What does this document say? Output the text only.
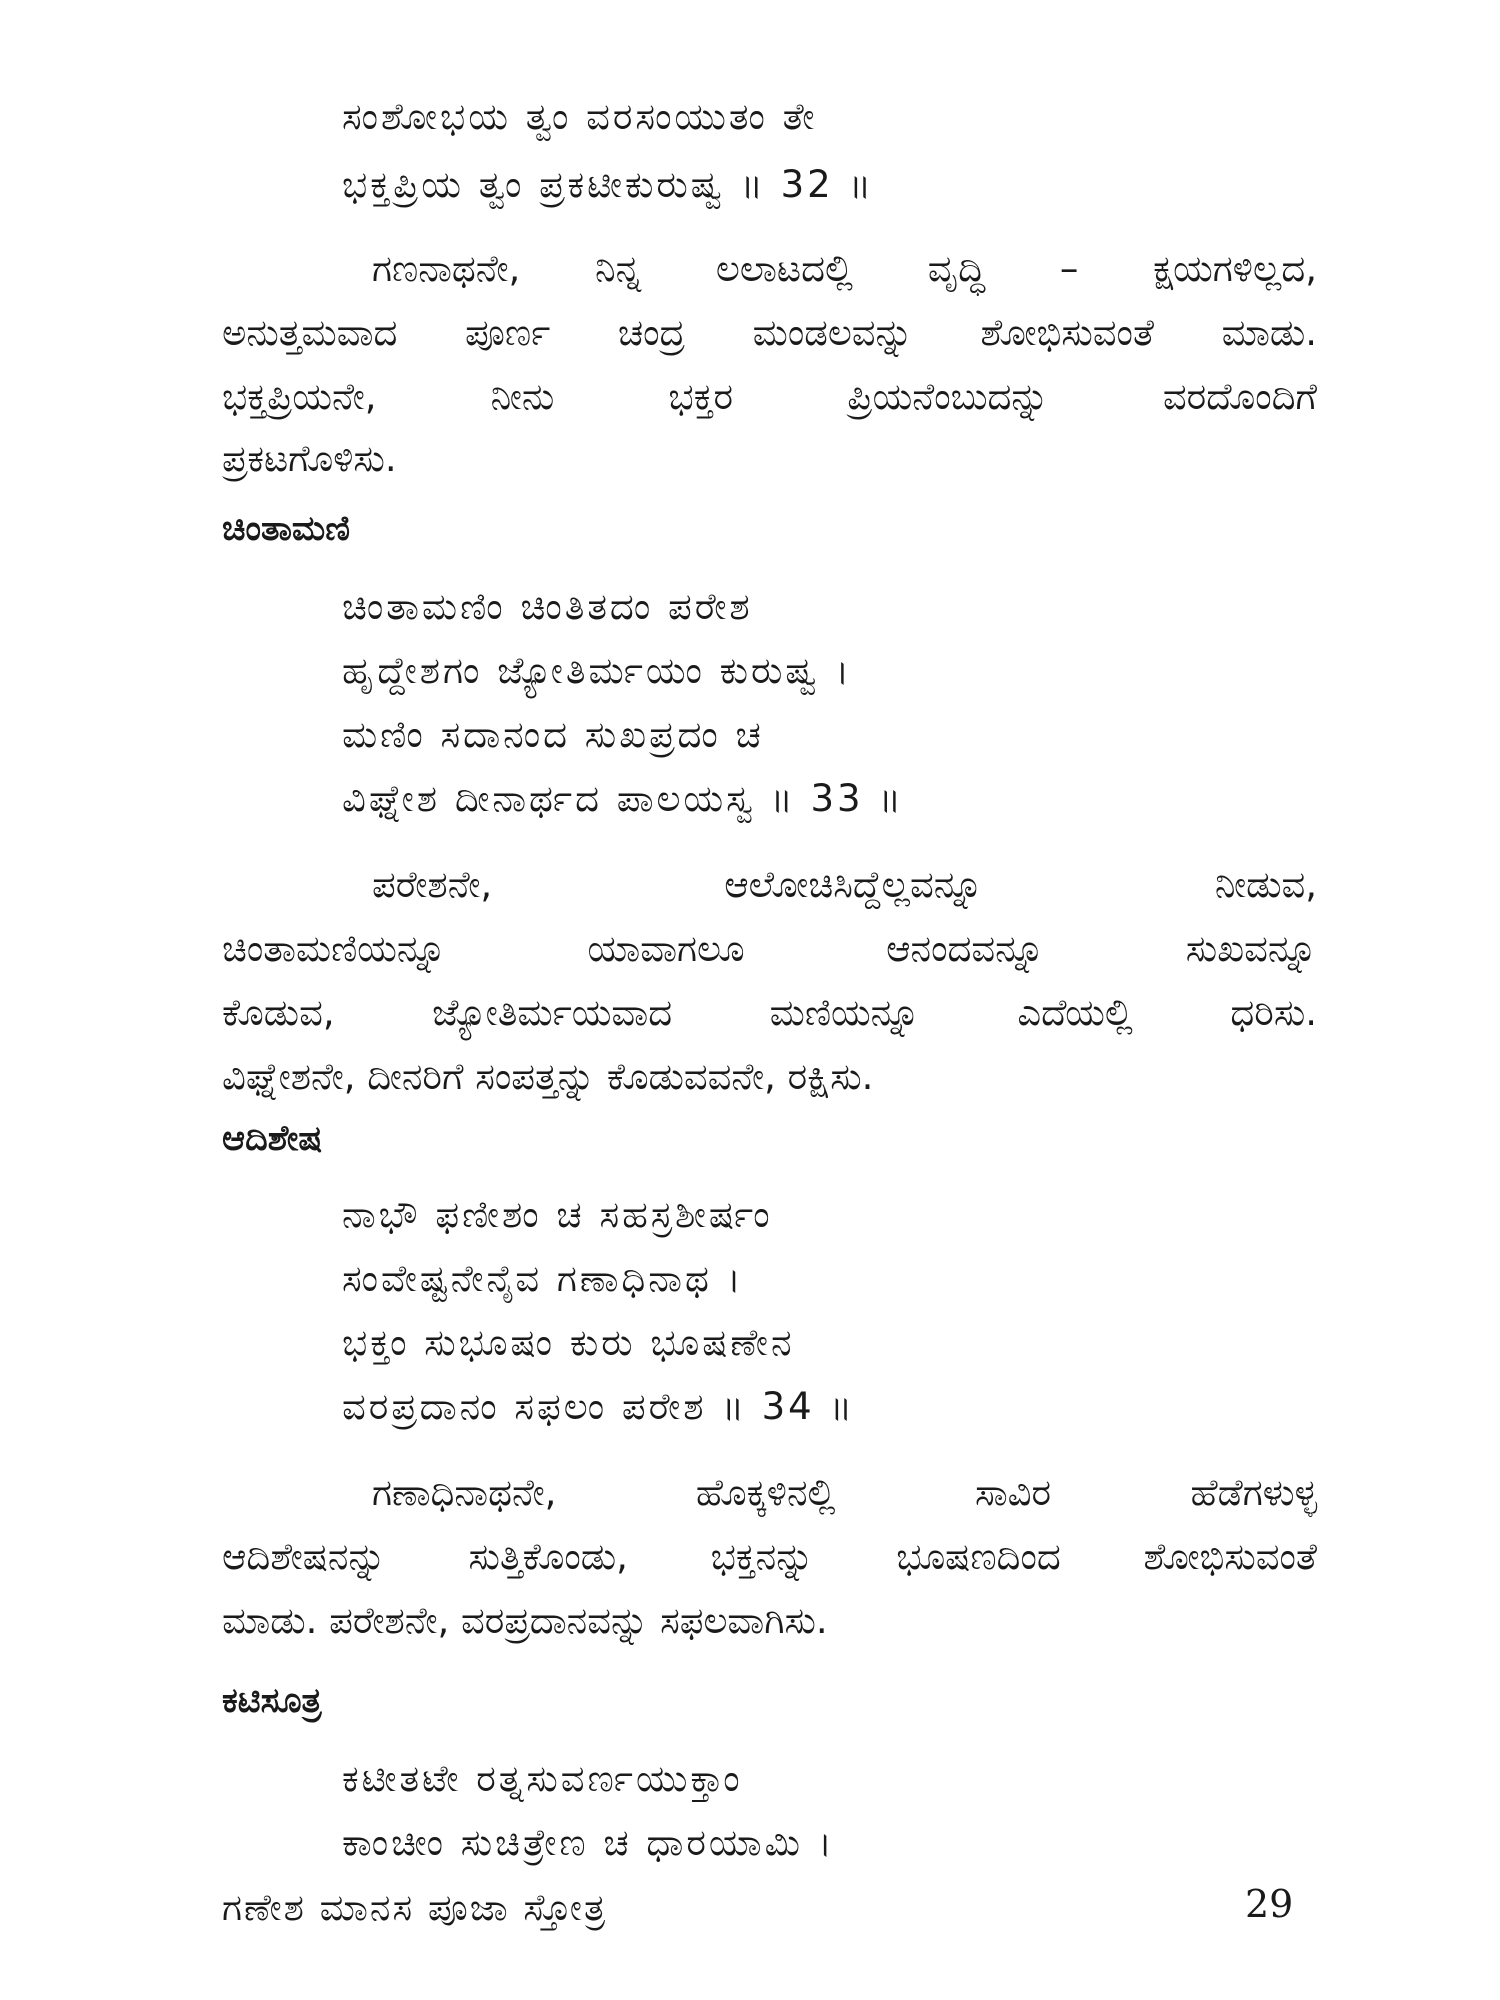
ಸಂಶೋಭಯ ತ್ವಂ ವರಸಂಯುತಂ ತೇ
ಭಕ್ತಪ್ರಿಯ ತ್ವಂ ಪ್ರಕಟೀಕುರುಷ್ವ ॥ 32 ॥
ಗಣನಾಥನೇ, ನಿನ್ನ ಲಲಾಟದಲ್ಲಿ ವೃದ್ಧಿ – ಕ್ಷಯಗಳಿಲ್ಲದ,
ಅನುತ್ತಮವಾದ ಪೂರ್ಣ ಚಂದ್ರ ಮಂಡಲವನ್ನು ಶೋಭಿಸುವಂತೆ ಮಾಡು.
ಭಕ್ತಪ್ರಿಯನೇ, ನೀನು ಭಕ್ತರ ಪ್ರಿಯನೆಂಬುದನ್ನು ವರದೊಂದಿಗೆ
ಪ್ರಕಟಗೊಳಿಸು.
ಚಿಂತಾಮಣಿ
ಚಿಂತಾಮಣಿಂ ಚಿಂತಿತದಂ ಪರೇಶ
ಹೃದ್ದೇಶಗಂ ಜ್ಯೋತಿರ್ಮಯಂ ಕುರುಷ್ವ ।
ಮಣಿಂ ಸದಾನಂದ ಸುಖಪ್ರದಂ ಚ
ವಿಘ್ನೇಶ ದೀನಾರ್ಥದ ಪಾಲಯಸ್ವ ॥ 33 ॥
ಪರೇಶನೇ, ಆಲೋಚಿಸಿದ್ದೆಲ್ಲವನ್ನೂ ನೀಡುವ,
ಚಿಂತಾಮಣಿಯನ್ನೂ ಯಾವಾಗಲೂ ಆನಂದವನ್ನೂ ಸುಖವನ್ನೂ
ಕೊಡುವ, ಜ್ಯೋತಿರ್ಮಯವಾದ ಮಣಿಯನ್ನೂ ಎದೆಯಲ್ಲಿ ಧರಿಸು.
ವಿಘ್ನೇಶನೇ, ದೀನರಿಗೆ ಸಂಪತ್ತನ್ನು ಕೊಡುವವನೇ, ರಕ್ಷಿಸು.
ಆದಿಶೇಷ
ನಾಭೌ ಫಣೀಶಂ ಚ ಸಹಸ್ರಶೀರ್ಷಂ
ಸಂವೇಷ್ಟನೇನೈವ ಗಣಾಧಿನಾಥ ।
ಭಕ್ತಂ ಸುಭೂಷಂ ಕುರು ಭೂಷಣೇನ
ವರಪ್ರದಾನಂ ಸಫಲಂ ಪರೇಶ ॥ 34 ॥
ಗಣಾಧಿನಾಥನೇ, ಹೊಕ್ಕಳಿನಲ್ಲಿ ಸಾವಿರ ಹೆಡೆಗಳುಳ್ಳ
ಆದಿಶೇಷನನ್ನು ಸುತ್ತಿಕೊಂಡು, ಭಕ್ತನನ್ನು ಭೂಷಣದಿಂದ ಶೋಭಿಸುವಂತೆ
ಮಾಡು. ಪರೇಶನೇ, ವರಪ್ರದಾನವನ್ನು ಸಫಲವಾಗಿಸು.
ಕಟಿಸೂತ್ರ
ಕಟೀತಟೇ ರತ್ನಸುವರ್ಣಯುಕ್ತಾಂ
ಕಾಂಚೀಂ ಸುಚಿತ್ರೇಣ ಚ ಧಾರಯಾಮಿ ।
ಗಣೇಶ ಮಾನಸ ಪೂಜಾ ಸ್ತೋತ್ರ	29
